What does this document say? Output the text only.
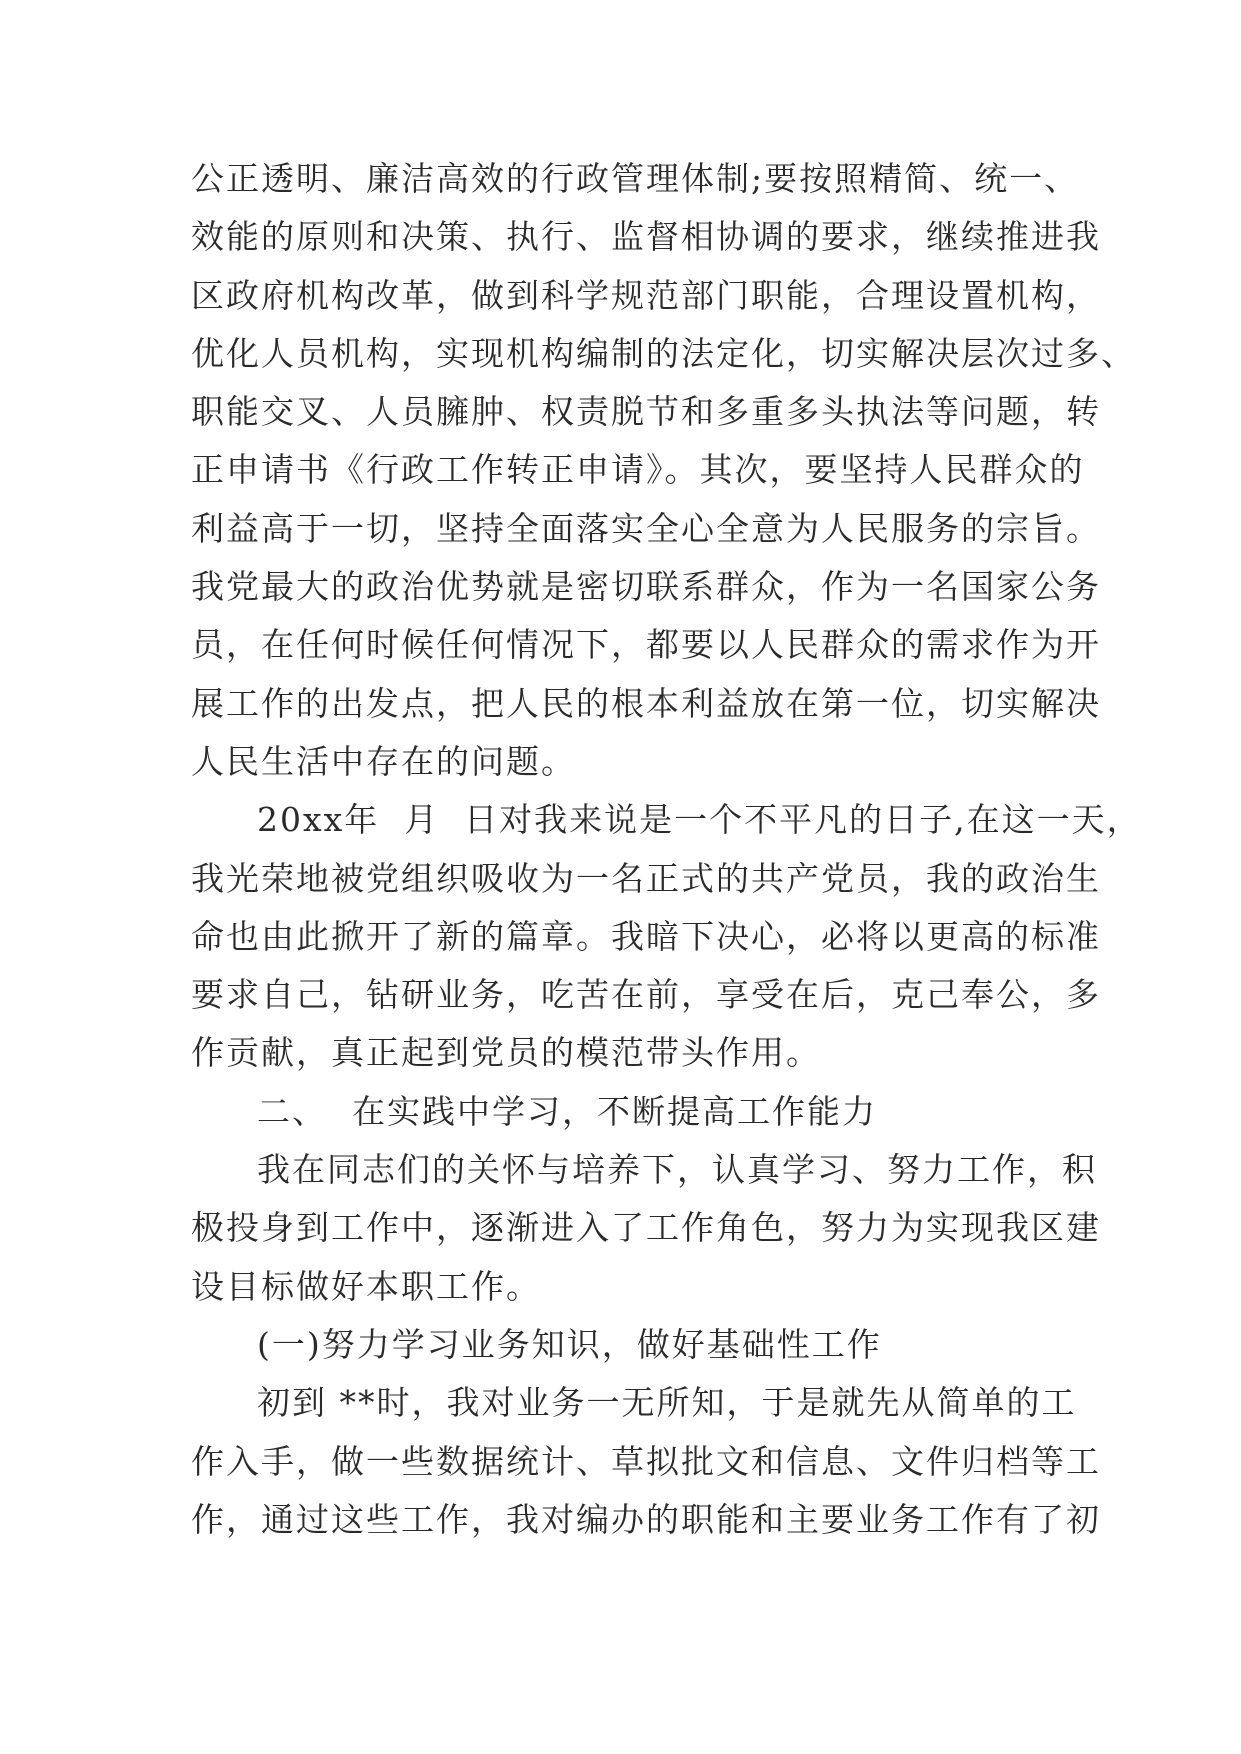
公正透明、廉洁高效的行政管理体制;要按照精简、统一、
效能的原则和决策、执行、监督相协调的要求，继续推进我
区政府机构改革，做到科学规范部门职能，合理设置机构，
优化人员机构，实现机构编制的法定化，切实解决层次过多、
职能交叉、人员臃肿、权责脱节和多重多头执法等问题，转
正申请书《行政工作转正申请》。其次，要坚持人民群众的
利益高于一切，坚持全面落实全心全意为人民服务的宗旨。
我党最大的政治优势就是密切联系群众，作为一名国家公务
员，在任何时候任何情况下，都要以人民群众的需求作为开
展工作的出发点，把人民的根本利益放在第一位，切实解决
人民生活中存在的问题。
20xx年  月  日对我来说是一个不平凡的日子,在这一天，
我光荣地被党组织吸收为一名正式的共产党员，我的政治生
命也由此掀开了新的篇章。我暗下决心，必将以更高的标准
要求自己，钻研业务，吃苦在前，享受在后，克己奉公，多
作贡献，真正起到党员的模范带头作用。
二、  在实践中学习，不断提高工作能力
我在同志们的关怀与培养下，认真学习、努力工作，积
极投身到工作中，逐渐进入了工作角色，努力为实现我区建
设目标做好本职工作。
(一)努力学习业务知识，做好基础性工作
初到 **时，我对业务一无所知，于是就先从简单的工
作入手，做一些数据统计、草拟批文和信息、文件归档等工
作，通过这些工作，我对编办的职能和主要业务工作有了初
